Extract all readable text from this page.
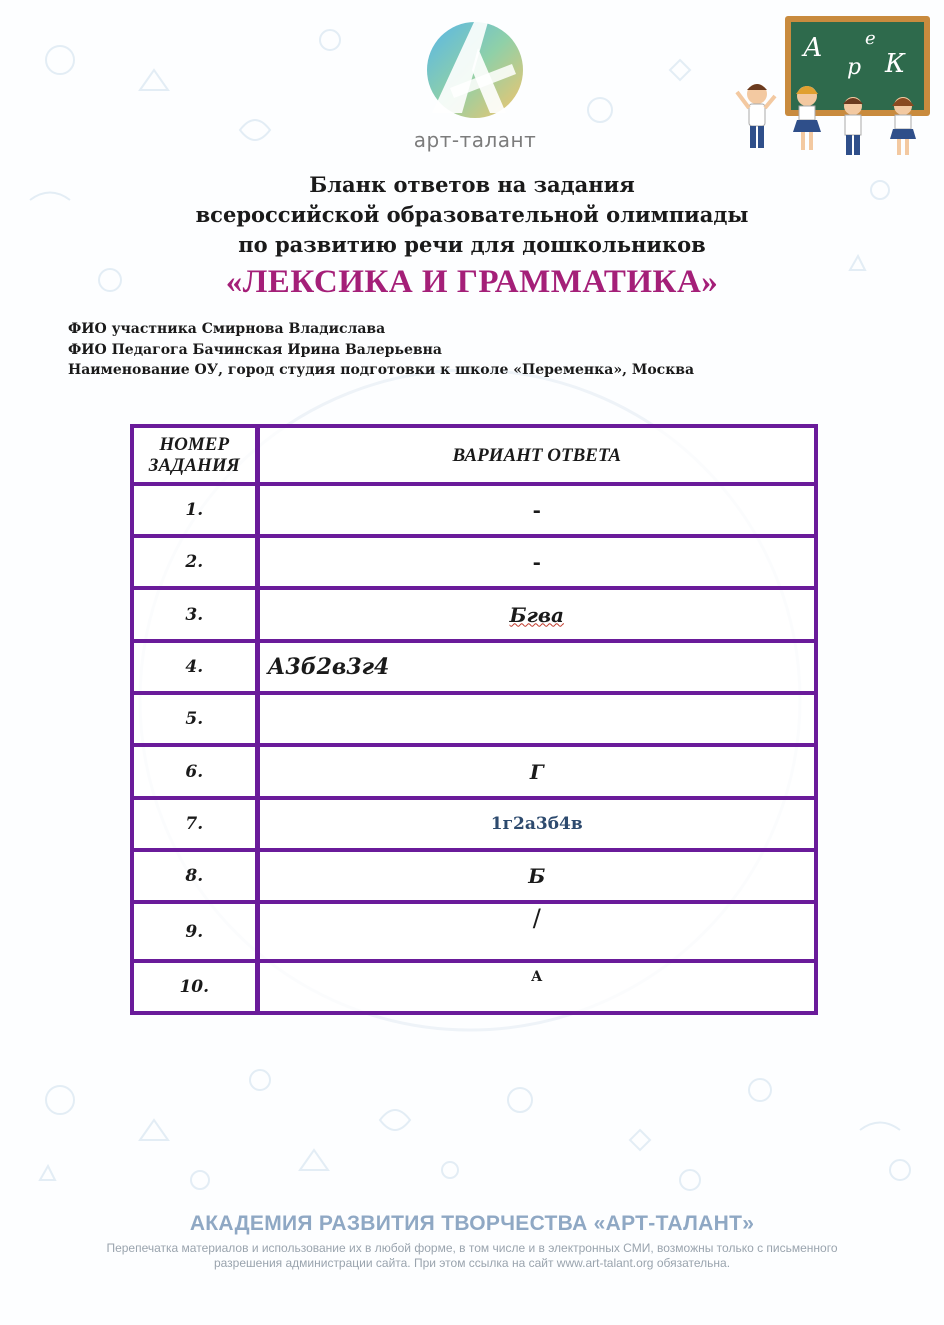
арт-талант
А е
р К
Бланк ответов на задания
всероссийской образовательной олимпиады
по развитию речи для дошкольников
«ЛЕКСИКА И ГРАММАТИКА»
ФИО участника Смирнова Владислава
ФИО Педагога Бачинская Ирина Валерьевна
Наименование ОУ, город студия подготовки к школе «Переменка», Москва
НОМЕР
ЗАДАНИЯ	ВАРИАНТ ОТВЕТА
1.	-
2.	-
3.	Бгва
4.	А3б2в3г4
5.	
6.	Г
7.	1г2а3б4в
8.	Б
9.	/
10.	А
АКАДЕМИЯ РАЗВИТИЯ ТВОРЧЕСТВА «АРТ-ТАЛАНТ»
Перепечатка материалов и использование их в любой форме, в том числе и в электронных СМИ, возможны только с письменного разрешения администрации сайта. При этом ссылка на сайт www.art-talant.org обязательна.
